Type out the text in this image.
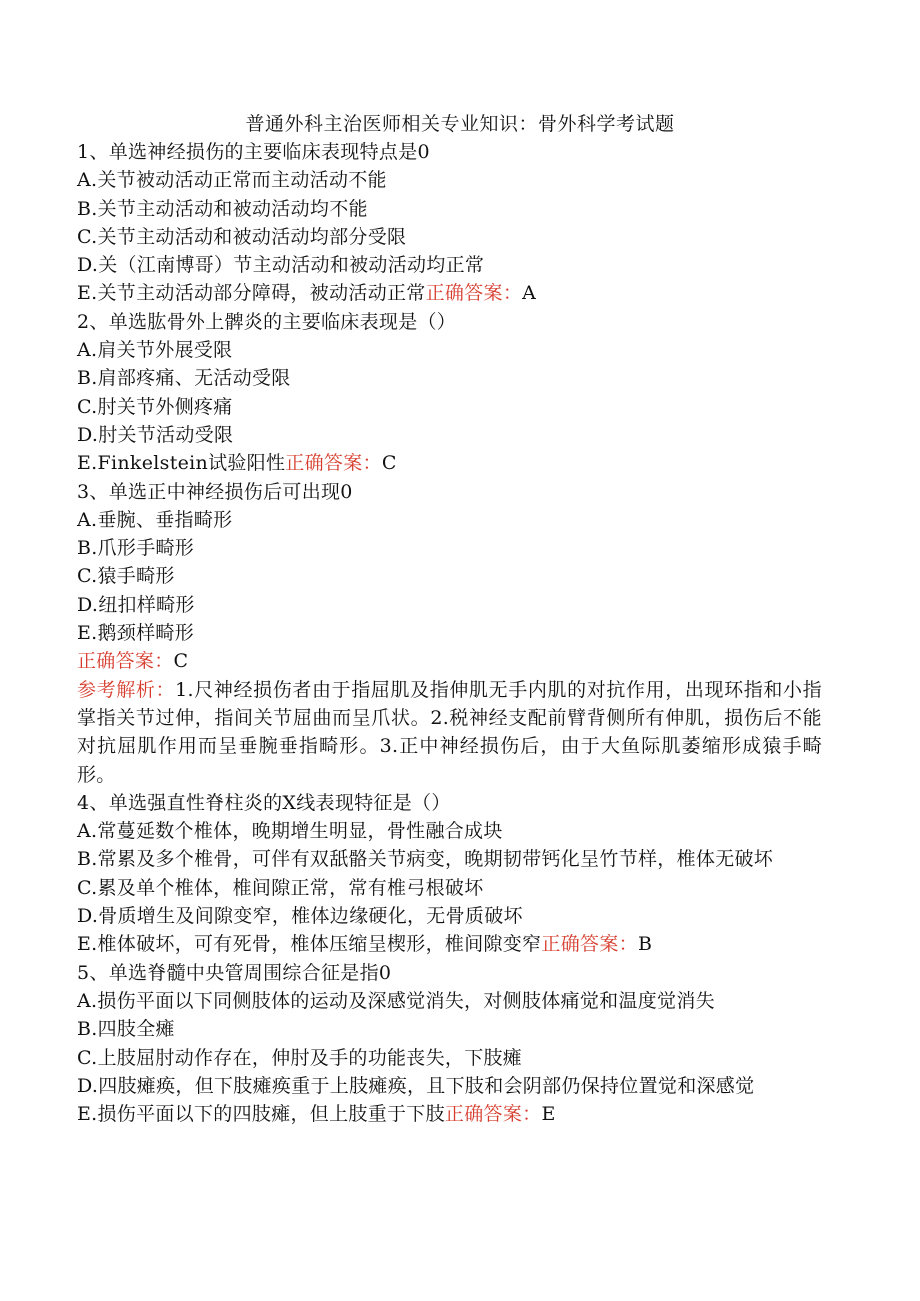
普通外科主治医师相关专业知识：骨外科学考试题
1、单选神经损伤的主要临床表现特点是0
A.关节被动活动正常而主动活动不能
B.关节主动活动和被动活动均不能
C.关节主动活动和被动活动均部分受限
D.关（江南博哥）节主动活动和被动活动均正常
E.关节主动活动部分障碍，被动活动正常正确答案：A
2、单选肱骨外上髀炎的主要临床表现是（）
A.肩关节外展受限
B.肩部疼痛、无活动受限
C.肘关节外侧疼痛
D.肘关节活动受限
E.Finkelstein试验阳性正确答案：C
3、单选正中神经损伤后可出现0
A.垂腕、垂指畸形
B.爪形手畸形
C.猿手畸形
D.纽扣样畸形
E.鹅颈样畸形
正确答案：C
参考解析：1.尺神经损伤者由于指屈肌及指伸肌无手内肌的对抗作用，出现环指和小指掌指关节过伸，指间关节屈曲而呈爪状。2.税神经支配前臂背侧所有伸肌，损伤后不能对抗屈肌作用而呈垂腕垂指畸形。3.正中神经损伤后，由于大鱼际肌萎缩形成猿手畸形。
4、单选强直性脊柱炎的X线表现特征是（）
A.常蔓延数个椎体，晚期增生明显，骨性融合成块
B.常累及多个椎骨，可伴有双舐骼关节病变，晚期韧带钙化呈竹节样，椎体无破坏
C.累及单个椎体，椎间隙正常，常有椎弓根破坏
D.骨质增生及间隙变窄，椎体边缘硬化，无骨质破坏
E.椎体破坏，可有死骨，椎体压缩呈楔形，椎间隙变窄正确答案：B
5、单选脊髓中央管周围综合征是指0
A.损伤平面以下同侧肢体的运动及深感觉消失，对侧肢体痛觉和温度觉消失
B.四肢全瘫
C.上肢屈肘动作存在，伸肘及手的功能丧失，下肢瘫
D.四肢瘫痪，但下肢瘫痪重于上肢瘫痪，且下肢和会阴部仍保持位置觉和深感觉
E.损伤平面以下的四肢瘫，但上肢重于下肢正确答案：E
